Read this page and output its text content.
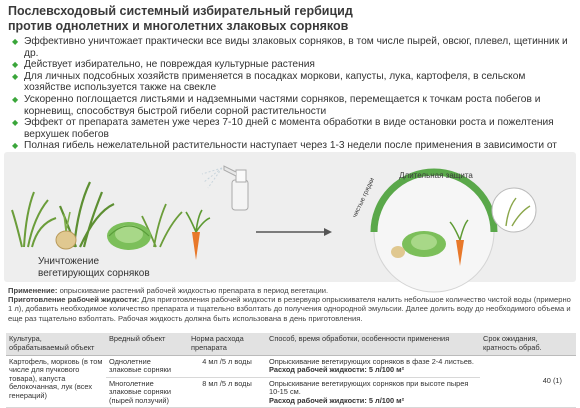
Послевсходовый системный избирательный гербицид
против однолетних и многолетних злаковых сорняков
◆ Эффективно уничтожает практически все виды злаковых сорняков, в том числе пырей, овсюг, плевел, щетинник и др.
◆ Действует избирательно, не повреждая культурные растения
◆ Для личных подсобных хозяйств применяется в посадках моркови, капусты, лука, картофеля, в сельском хозяйстве используется также на свекле
◆ Ускоренно поглощается листьями и надземными частями сорняков, перемещается к точкам роста побегов и корневищ, способствуя быстрой гибели сорной растительности
◆ Эффект от препарата заметен уже через 7-10 дней с момента обработки в виде остановки роста и пожелтения верхушек побегов
◆ Полная гибель нежелательной растительности наступает через 1-3 недели после применения в зависимости от
Длительная защита
чистые грядки
Уничтожение
вегетирующих сорняков

Применение: опрыскивание растений рабочей жидкостью препарата в период вегетации.

Приготовление рабочей жидкости: Для приготовления рабочей жидкости в резервуар опрыскивателя налить небольшое количество чистой воды (примерно 1 л), добавить необходимое количество препарата и тщательно взболтать до получения однородной эмульсии. Далее долить воду до необходимого объема и еще раз тщательно взболтать. Рабочая жидкость должна быть использована в день приготовления.

Культура, обрабатываемый объект	Вредный объект	Норма расхода препарата	Способ, время обработки, особенности применения	Срок ожидания, кратность обраб.
Картофель, морковь (в том числе для пучкового товара), капуста белокочанная, лук (всех генераций)	Однолетние злаковые сорняки	4 мл /5 л воды	Опрыскивание вегетирующих сорняков в фазе 2-4 листьев.
Расход рабочей жидкости: 5 л/100 м²	40 (1)
	Многолетние злаковые сорняки (пырей ползучий)	8 мл /5 л воды	Опрыскивание вегетирующих сорняков при высоте пырея 10-15 см.
Расход рабочей жидкости: 5 л/100 м²	
